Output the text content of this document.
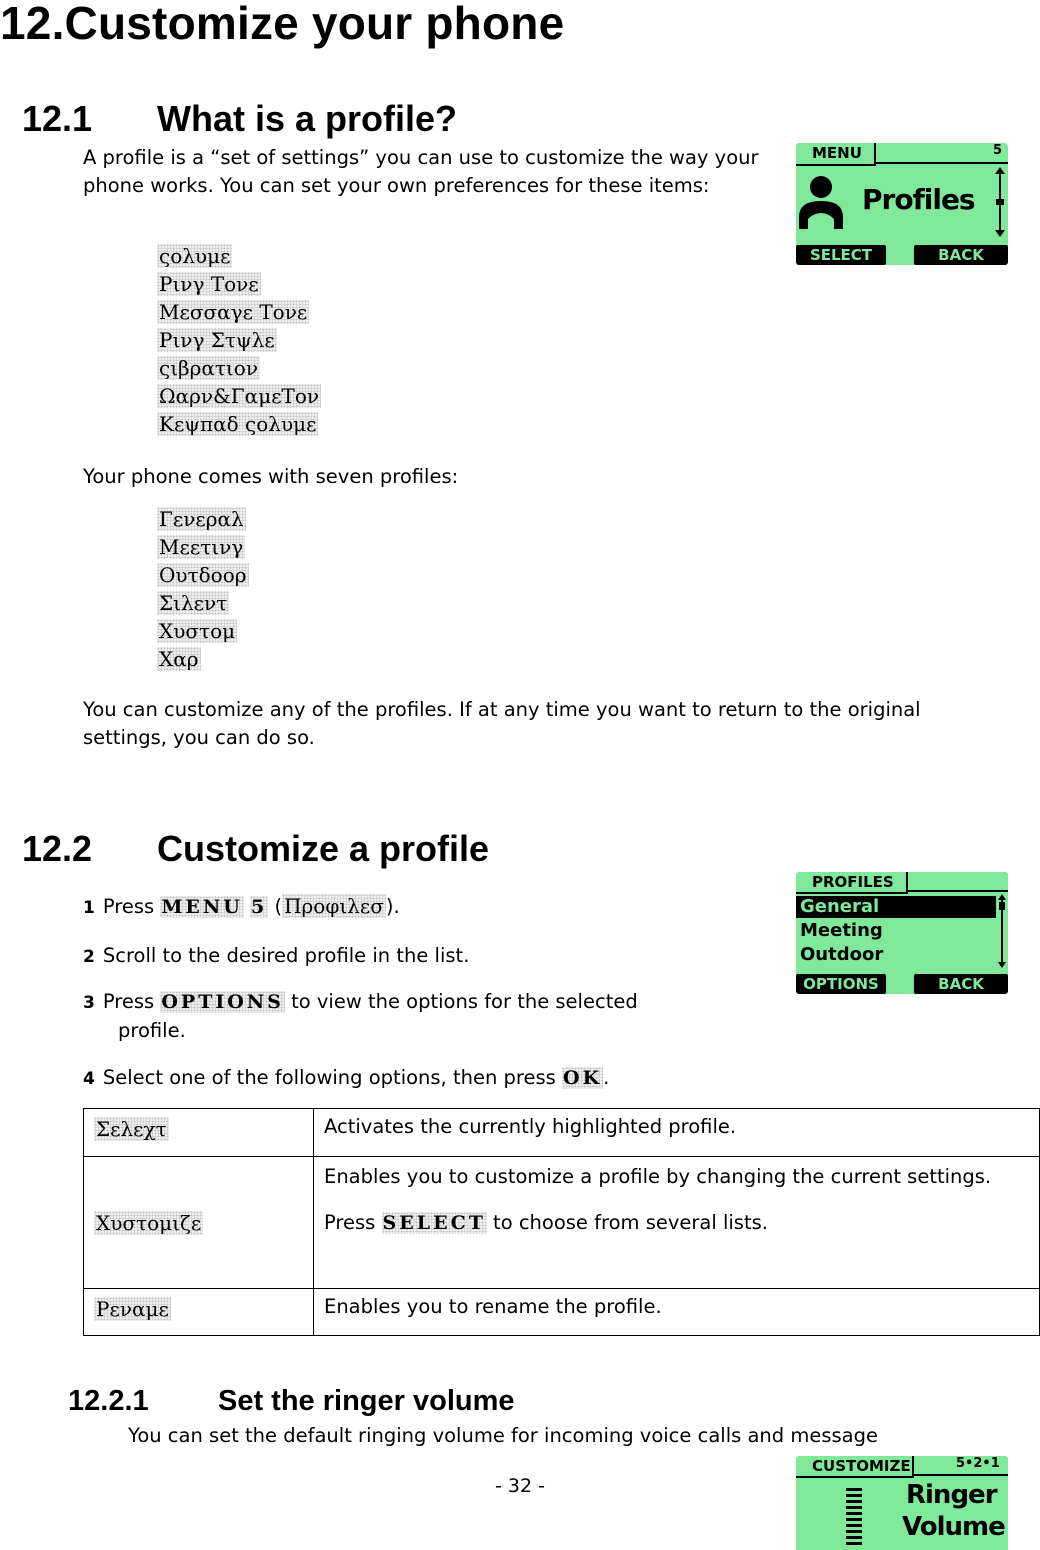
12.Customize your phone
12.1 What is a profile?
A profile is a “set of settings” you can use to customize the way your phone works. You can set your own preferences for these items:
ςολυμε
Ρινγ Τονε
Μεσσαγε Τονε
Ρινγ Στψλε
ςιβρατιον
Ωαρν&ΓαμεΤον
Κεψπαδ ςολυμε
Your phone comes with seven profiles:
Γενεραλ
Μεετινγ
Ουτδοορ
Σιλεντ
Χυστομ
Χαρ
You can customize any of the profiles. If at any time you want to return to the original settings, you can do so.
MENU	5
Profiles
SELECT	BACK
12.2 Customize a profile
1 Press MENU 5 ( Προφιλεσ ).
2 Scroll to the desired profile in the list.
3 Press OPTIONS to view the options for the selected
profile.
4 Select one of the following options, then press OK.
PROFILES
General
Meeting
Outdoor
OPTIONS	BACK
Σελεχτ	Activates the currently highlighted profile.
Χυστομιζε	Enables you to customize a profile by changing the current settings.
Press SELECT to choose from several lists.

Ρεναμε	Enables you to rename the profile.
12.2.1 Set the ringer volume
You can set the default ringing volume for incoming voice calls and message
- 32 -
CUSTOMIZE	5•2•1
Ringer
Volume
